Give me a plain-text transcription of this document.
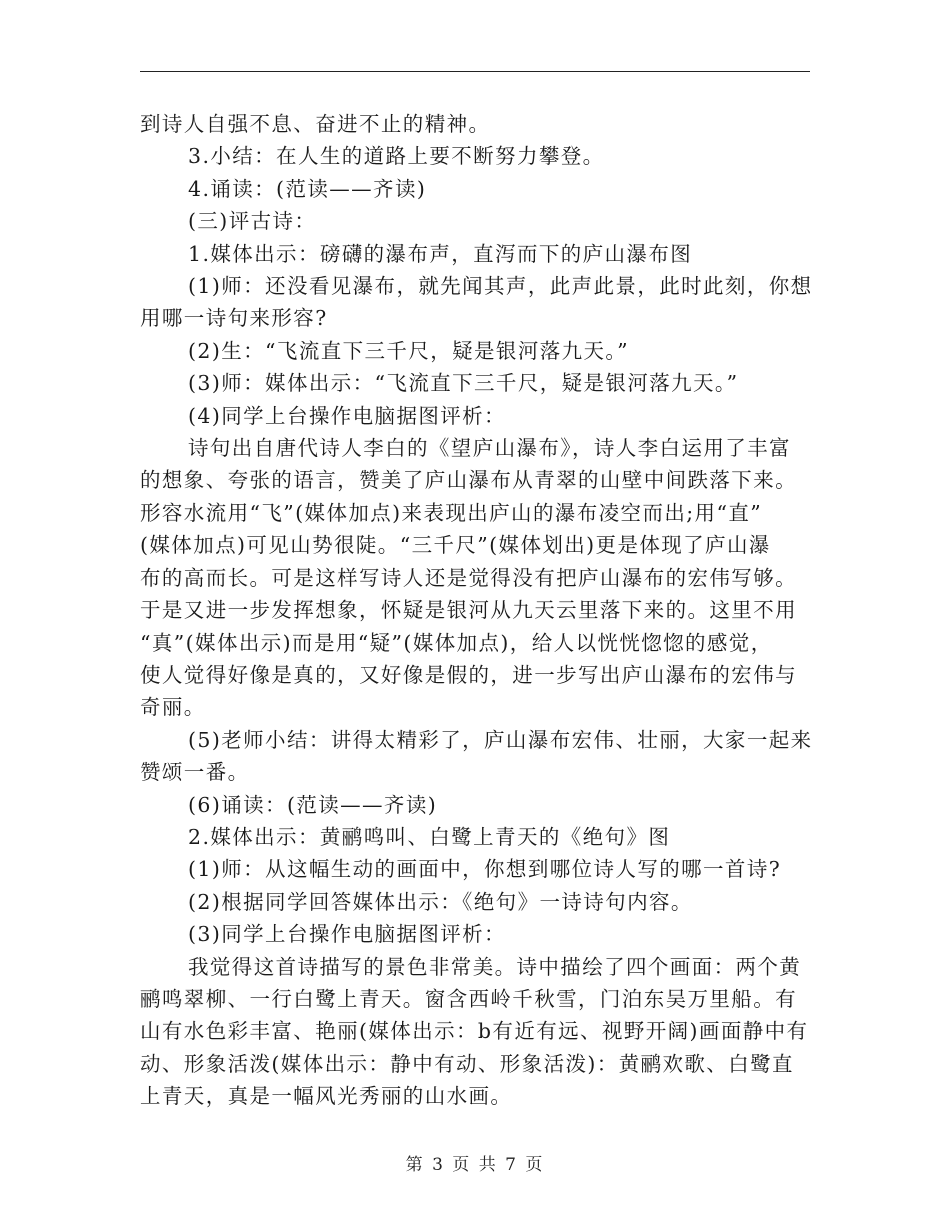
到诗人自强不息、奋进不止的精神。

3.小结：在人生的道路上要不断努力攀登。

4.诵读：(范读——齐读)

(三)评古诗：

1.媒体出示：磅礴的瀑布声，直泻而下的庐山瀑布图

(1)师：还没看见瀑布，就先闻其声，此声此景，此时此刻，你想

用哪一诗句来形容?

(2)生：“飞流直下三千尺，疑是银河落九天。”

(3)师：媒体出示：“飞流直下三千尺，疑是银河落九天。”

(4)同学上台操作电脑据图评析：

诗句出自唐代诗人李白的《望庐山瀑布》，诗人李白运用了丰富

的想象、夸张的语言，赞美了庐山瀑布从青翠的山壁中间跌落下来。

形容水流用“飞”(媒体加点)来表现出庐山的瀑布凌空而出;用“直”

(媒体加点)可见山势很陡。“三千尺”(媒体划出)更是体现了庐山瀑

布的高而长。可是这样写诗人还是觉得没有把庐山瀑布的宏伟写够。

于是又进一步发挥想象，怀疑是银河从九天云里落下来的。这里不用

“真”(媒体出示)而是用“疑”(媒体加点)，给人以恍恍惚惚的感觉，

使人觉得好像是真的，又好像是假的，进一步写出庐山瀑布的宏伟与

奇丽。

(5)老师小结：讲得太精彩了，庐山瀑布宏伟、壮丽，大家一起来

赞颂一番。

(6)诵读：(范读——齐读)

2.媒体出示：黄鹂鸣叫、白鹭上青天的《绝句》图

(1)师：从这幅生动的画面中，你想到哪位诗人写的哪一首诗?

(2)根据同学回答媒体出示：《绝句》一诗诗句内容。

(3)同学上台操作电脑据图评析：

我觉得这首诗描写的景色非常美。诗中描绘了四个画面：两个黄

鹂鸣翠柳、一行白鹭上青天。窗含西岭千秋雪，门泊东吴万里船。有

山有水色彩丰富、艳丽(媒体出示：b有近有远、视野开阔)画面静中有

动、形象活泼(媒体出示：静中有动、形象活泼)：黄鹂欢歌、白鹭直

上青天，真是一幅风光秀丽的山水画。

第 3 页 共 7 页
